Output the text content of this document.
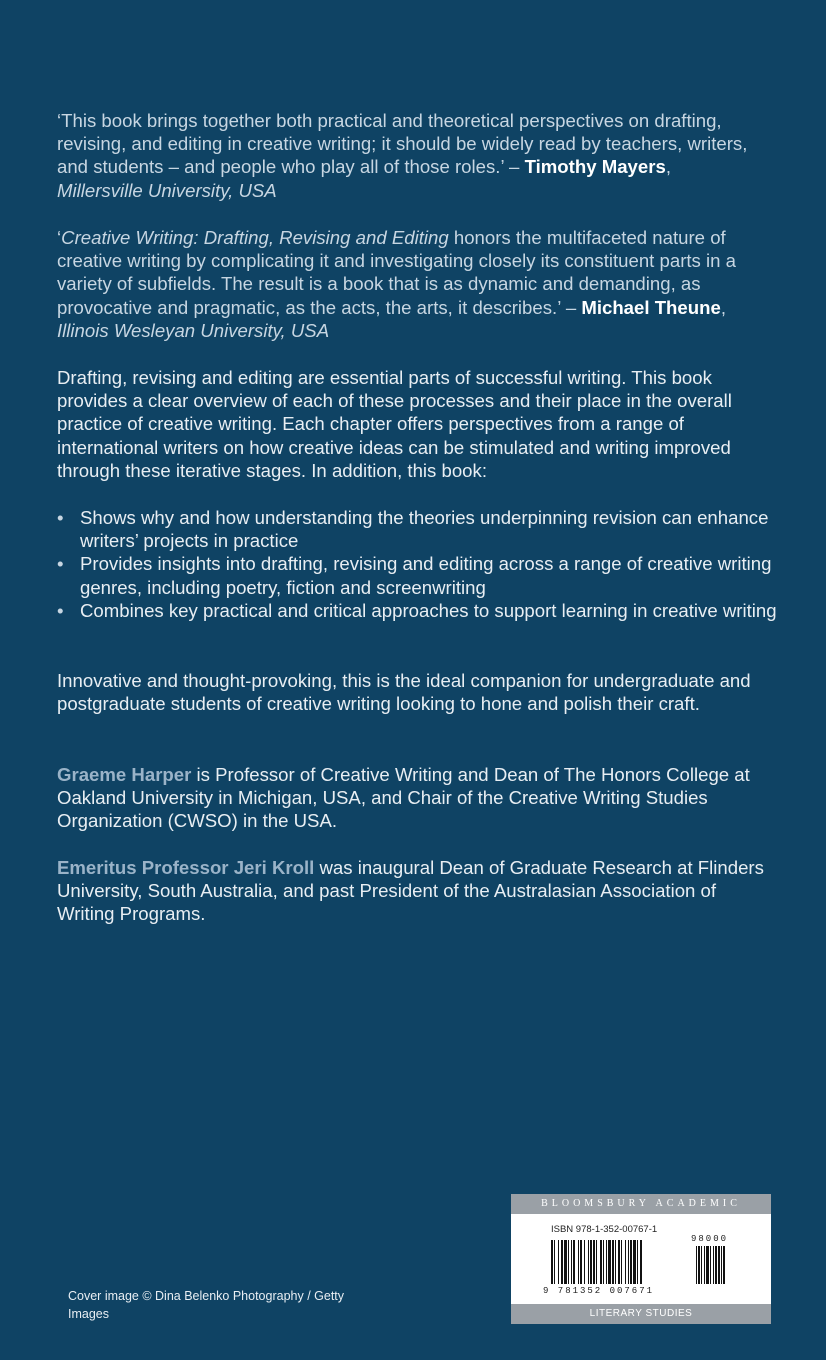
‘This book brings together both practical and theoretical perspectives on drafting, revising, and editing in creative writing; it should be widely read by teachers, writers, and students – and people who play all of those roles.’ – Timothy Mayers,
Millersville University, USA

‘Creative Writing: Drafting, Revising and Editing honors the multifaceted nature of creative writing by complicating it and investigating closely its constituent parts in a variety of subfields. The result is a book that is as dynamic and demanding, as provocative and pragmatic, as the acts, the arts, it describes.’ – Michael Theune,
Illinois Wesleyan University, USA

Drafting, revising and editing are essential parts of successful writing. This book provides a clear overview of each of these processes and their place in the overall practice of creative writing. Each chapter offers perspectives from a range of international writers on how creative ideas can be stimulated and writing improved through these iterative stages. In addition, this book:

• Shows why and how understanding the theories underpinning revision can enhance writers’ projects in practice
• Provides insights into drafting, revising and editing across a range of creative writing genres, including poetry, fiction and screenwriting
• Combines key practical and critical approaches to support learning in creative writing

Innovative and thought-provoking, this is the ideal companion for undergraduate and postgraduate students of creative writing looking to hone and polish their craft.

Graeme Harper is Professor of Creative Writing and Dean of The Honors College at Oakland University in Michigan, USA, and Chair of the Creative Writing Studies Organization (CWSO) in the USA.

Emeritus Professor Jeri Kroll was inaugural Dean of Graduate Research at Flinders University, South Australia, and past President of the Australasian Association of Writing Programs.

Cover image © Dina Belenko Photography / Getty Images
BLOOMSBURY ACADEMIC
ISBN 978-1-352-00767-1
98000
9 781352 007671
LITERARY STUDIES
